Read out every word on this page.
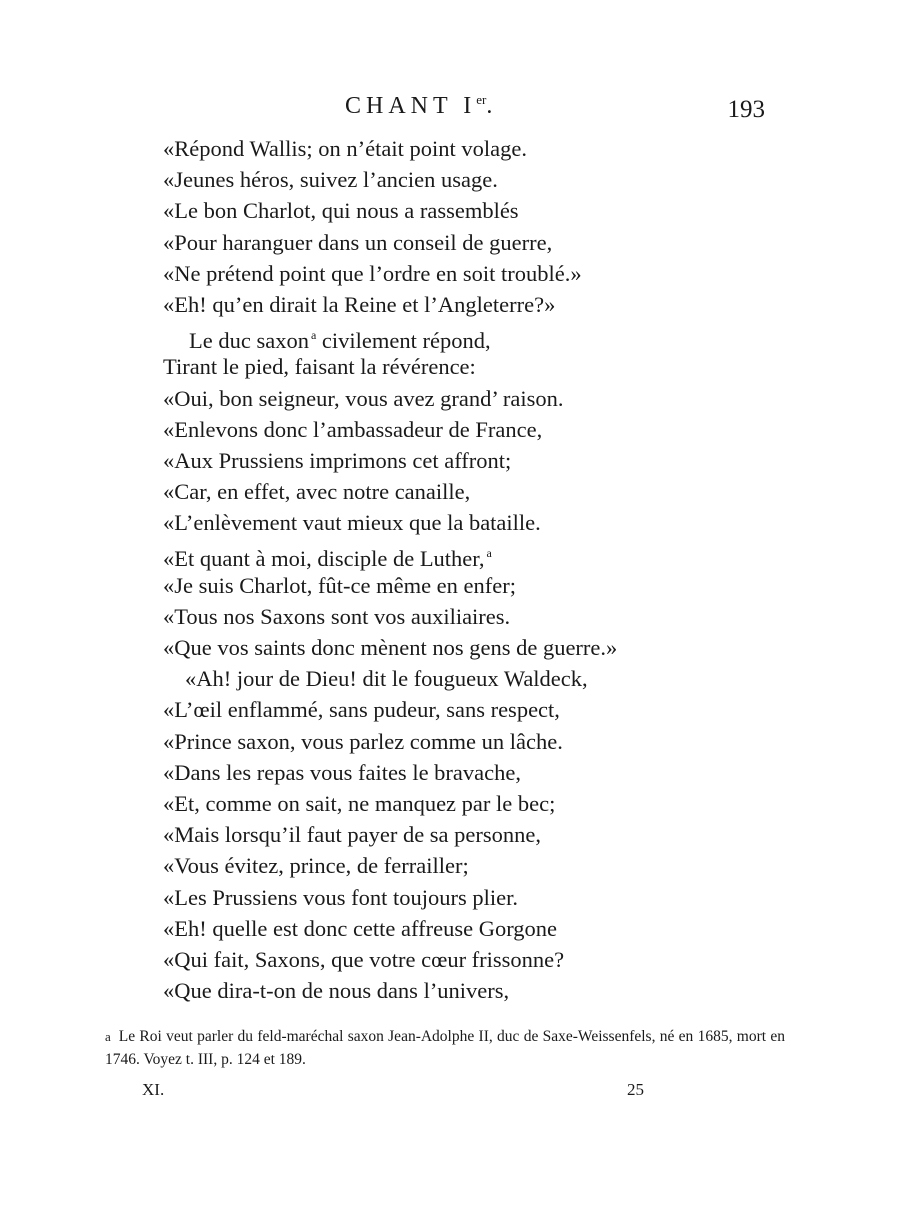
CHANT Ier.	193
«Répond Wallis; on n’était point volage.
«Jeunes héros, suivez l’ancien usage.
«Le bon Charlot, qui nous a rassemblés
«Pour haranguer dans un conseil de guerre,
«Ne prétend point que l’ordre en soit troublé.»
«Eh! qu’en dirait la Reine et l’Angleterre?»
Le duc saxon $^a$ civilement répond,
Tirant le pied, faisant la révérence:
«Oui, bon seigneur, vous avez grand’ raison.
«Enlevons donc l’ambassadeur de France,
«Aux Prussiens imprimons cet affront;
«Car, en effet, avec notre canaille,
«L’enlèvement vaut mieux que la bataille.
«Et quant à moi, disciple de Luther, $^a$
«Je suis Charlot, fût-ce même en enfer;
«Tous nos Saxons sont vos auxiliaires.
«Que vos saints donc mènent nos gens de guerre.»
«Ah! jour de Dieu! dit le fougueux Waldeck,
«L’œil enflammé, sans pudeur, sans respect,
«Prince saxon, vous parlez comme un lâche.
«Dans les repas vous faites le bravache,
«Et, comme on sait, ne manquez par le bec;
«Mais lorsqu’il faut payer de sa personne,
«Vous évitez, prince, de ferrailler;
«Les Prussiens vous font toujours plier.
«Eh! quelle est donc cette affreuse Gorgone
«Qui fait, Saxons, que votre cœur frissonne?
«Que dira-t-on de nous dans l’univers,

a Le Roi veut parler du feld-maréchal saxon Jean-Adolphe II, duc de Saxe-Weissenfels, né en 1685, mort en 1746. Voyez t. III, p. 124 et 189.

XI.	25
